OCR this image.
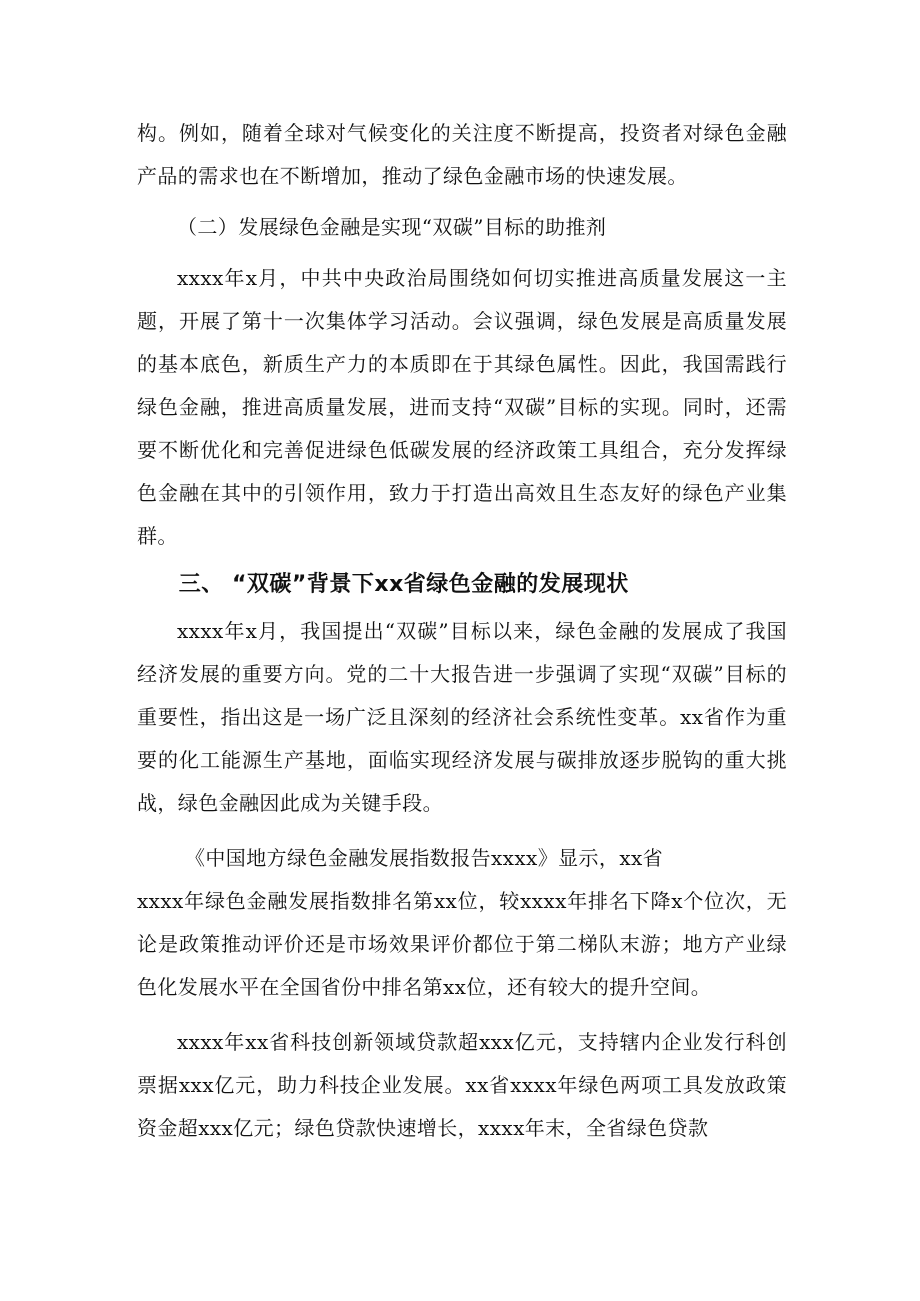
构。例如，随着全球对气候变化的关注度不断提高，投资者对绿色金融产品的需求也在不断增加，推动了绿色金融市场的快速发展。

（二）发展绿色金融是实现“双碳”目标的助推剂

xxxx年x月，中共中央政治局围绕如何切实推进高质量发展这一主题，开展了第十一次集体学习活动。会议强调，绿色发展是高质量发展的基本底色，新质生产力的本质即在于其绿色属性。因此，我国需践行绿色金融，推进高质量发展，进而支持“双碳”目标的实现。同时，还需要不断优化和完善促进绿色低碳发展的经济政策工具组合，充分发挥绿色金融在其中的引领作用，致力于打造出高效且生态友好的绿色产业集群。

三、 “双碳”背景下xx省绿色金融的发展现状

xxxx年x月，我国提出“双碳”目标以来，绿色金融的发展成了我国经济发展的重要方向。党的二十大报告进一步强调了实现“双碳”目标的重要性，指出这是一场广泛且深刻的经济社会系统性变革。xx省作为重要的化工能源生产基地，面临实现经济发展与碳排放逐步脱钩的重大挑战，绿色金融因此成为关键手段。

《中国地方绿色金融发展指数报告xxxx》显示，xx省

xxxx年绿色金融发展指数排名第xx位，较xxxx年排名下降x个位次，无论是政策推动评价还是市场效果评价都位于第二梯队末游；地方产业绿色化发展水平在全国省份中排名第xx位，还有较大的提升空间。

xxxx年xx省科技创新领域贷款超xxx亿元，支持辖内企业发行科创票据xxx亿元，助力科技企业发展。xx省xxxx年绿色两项工具发放政策资金超xxx亿元；绿色贷款快速增长，xxxx年末，全省绿色贷款
